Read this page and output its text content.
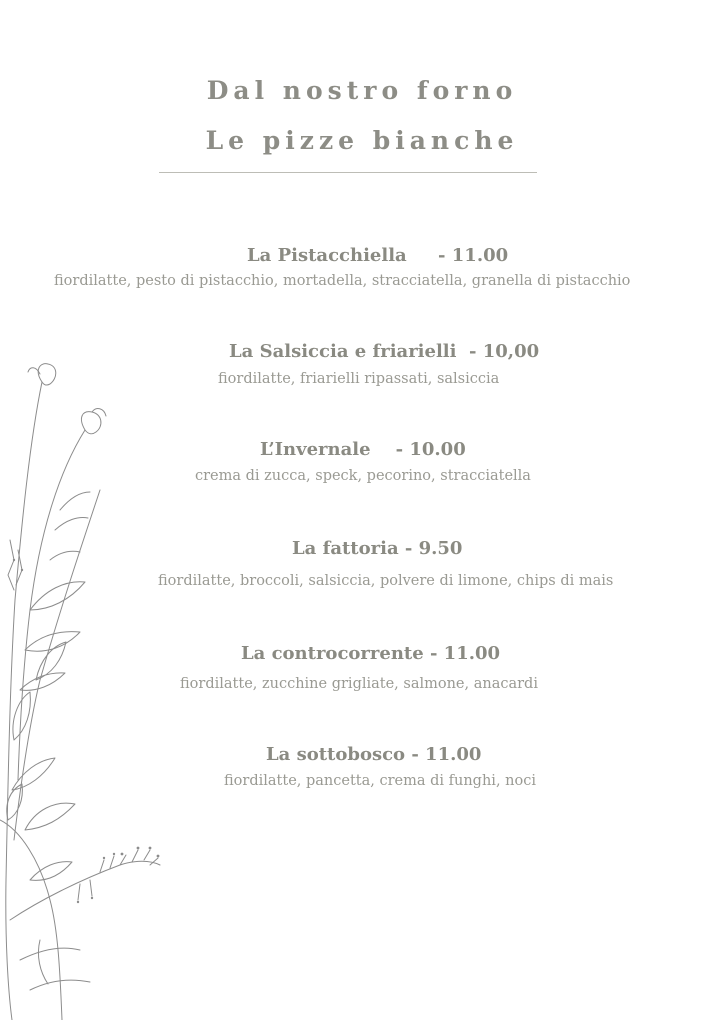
Dal nostro forno
Le pizze bianche
La Pistacchiella     - 11.00
fiordilatte, pesto di pistacchio, mortadella, stracciatella, granella di pistacchio
La Salsiccia e friarielli  - 10,00
fiordilatte, friarielli ripassati, salsiccia
L’Invernale    - 10.00
crema di zucca, speck, pecorino, stracciatella
La fattoria - 9.50
fiordilatte, broccoli, salsiccia, polvere di limone, chips di mais
La controcorrente - 11.00
fiordilatte, zucchine grigliate, salmone, anacardi
La sottobosco - 11.00
fiordilatte, pancetta, crema di funghi, noci
